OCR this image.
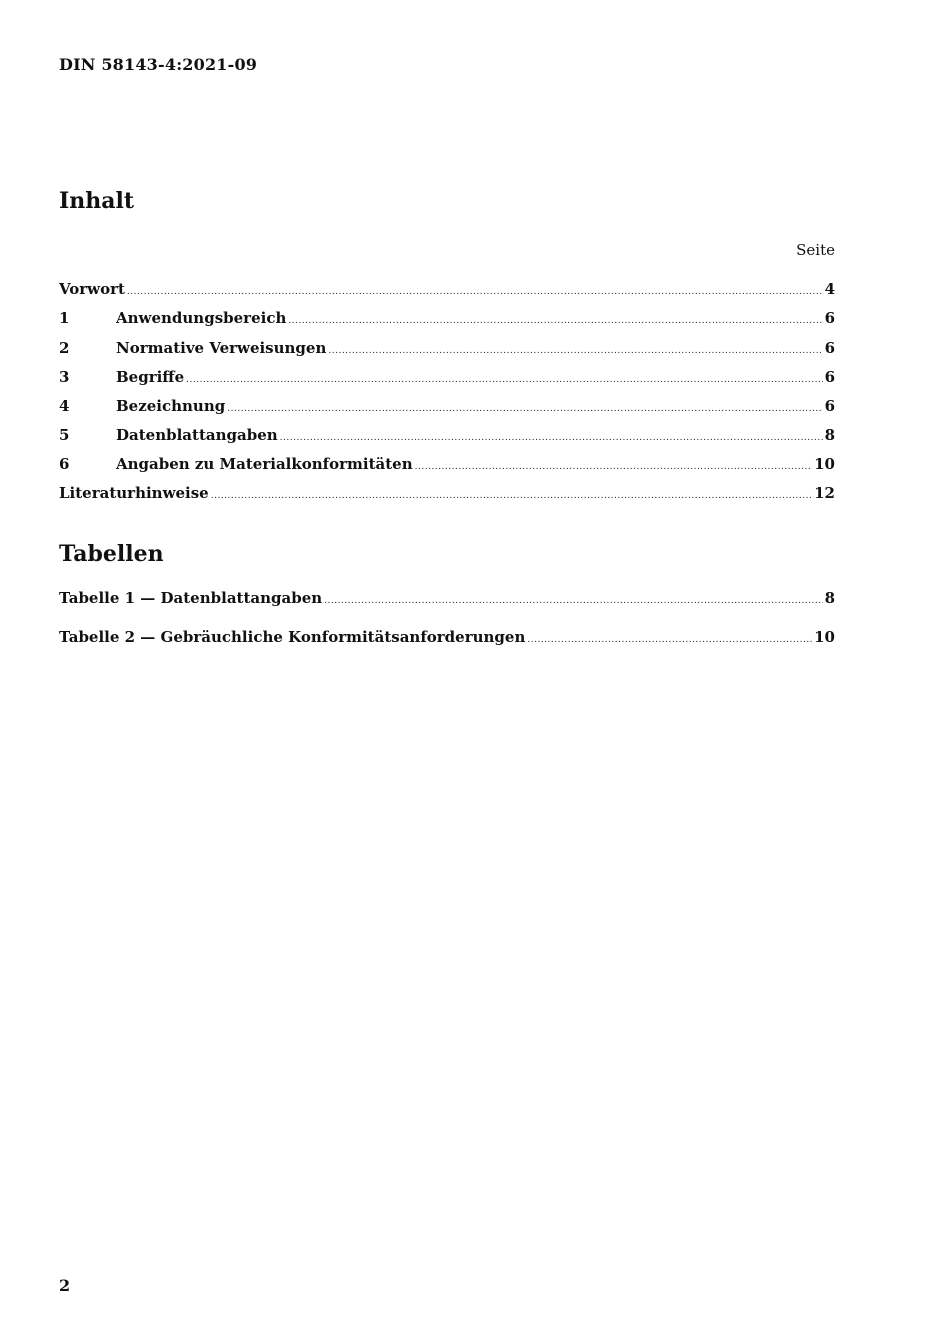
DIN 58143-4:2021-09
Inhalt
Seite
Vorwort .....	4
1	Anwendungsbereich .....	6
2	Normative Verweisungen .....	6
3	Begriffe .....	6
4	Bezeichnung .....	6
5	Datenblattangaben .....	8
6	Angaben zu Materialkonformitäten .....	10
Literaturhinweise .....	12
Tabellen
Tabelle 1 — Datenblattangaben .....	8
Tabelle 2 — Gebräuchliche Konformitätsanforderungen .....	10
2
